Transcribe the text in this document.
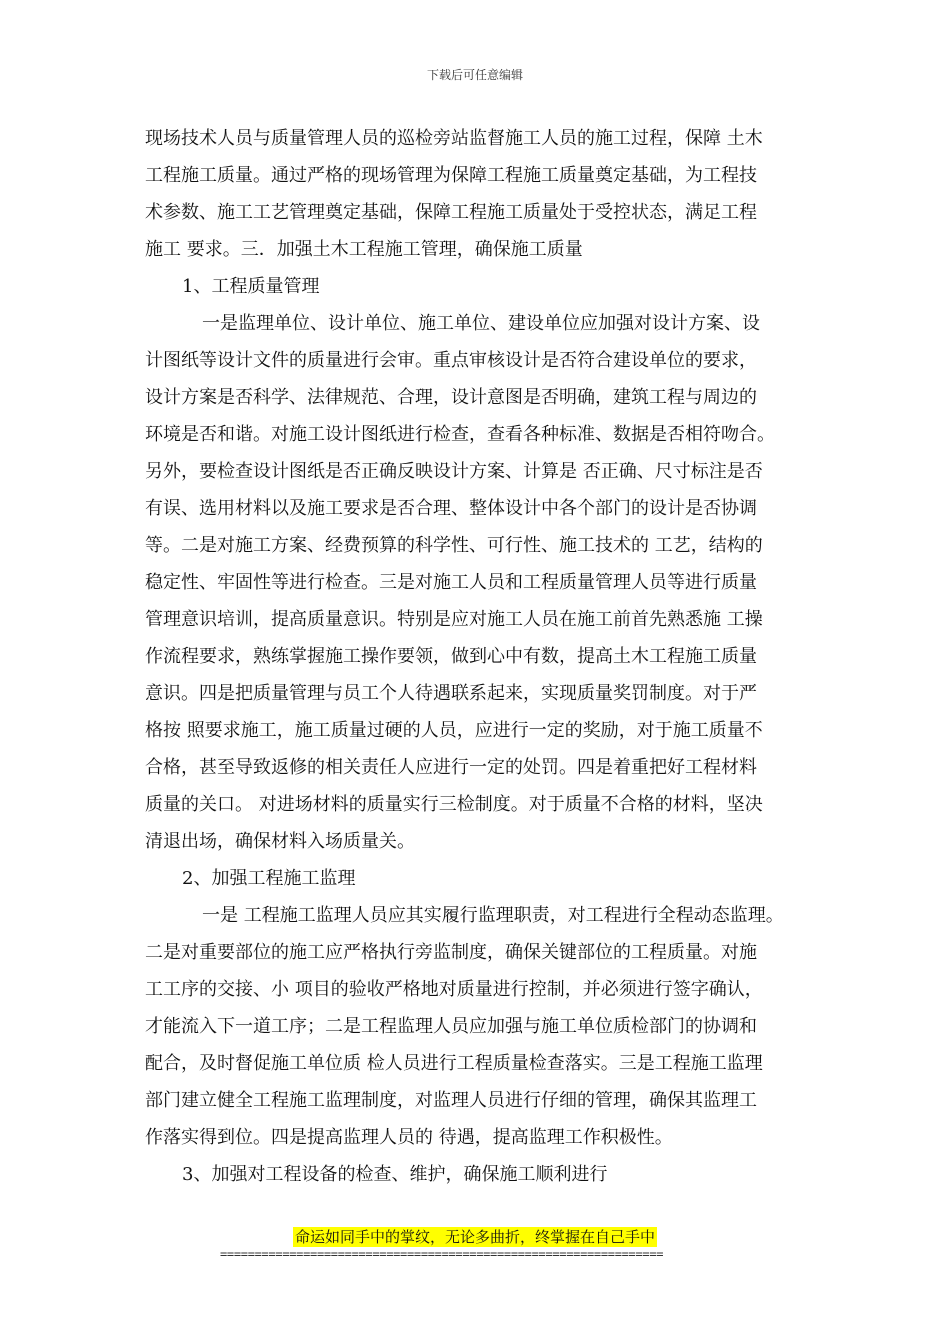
下载后可任意编辑
现场技术人员与质量管理人员的巡检旁站监督施工人员的施工过程，保障 土木
工程施工质量。通过严格的现场管理为保障工程施工质量奠定基础，为工程技
术参数、施工工艺管理奠定基础，保障工程施工质量处于受控状态，满足工程
施工 要求。三．加强土木工程施工管理，确保施工质量
1、工程质量管理
一是监理单位、设计单位、施工单位、建设单位应加强对设计方案、设
计图纸等设计文件的质量进行会审。重点审核设计是否符合建设单位的要求，
设计方案是否科学、法律规范、合理，设计意图是否明确，建筑工程与周边的
环境是否和谐。对施工设计图纸进行检查，查看各种标准、数据是否相符吻合。
另外，要检查设计图纸是否正确反映设计方案、计算是 否正确、尺寸标注是否
有误、选用材料以及施工要求是否合理、整体设计中各个部门的设计是否协调
等。二是对施工方案、经费预算的科学性、可行性、施工技术的 工艺，结构的
稳定性、牢固性等进行检查。三是对施工人员和工程质量管理人员等进行质量
管理意识培训，提高质量意识。特别是应对施工人员在施工前首先熟悉施 工操
作流程要求，熟练掌握施工操作要领，做到心中有数，提高土木工程施工质量
意识。四是把质量管理与员工个人待遇联系起来，实现质量奖罚制度。对于严
格按 照要求施工，施工质量过硬的人员，应进行一定的奖励，对于施工质量不
合格，甚至导致返修的相关责任人应进行一定的处罚。四是着重把好工程材料
质量的关口。 对进场材料的质量实行三检制度。对于质量不合格的材料，坚决
清退出场，确保材料入场质量关。
2、加强工程施工监理
一是 工程施工监理人员应其实履行监理职责，对工程进行全程动态监理。
二是对重要部位的施工应严格执行旁监制度，确保关键部位的工程质量。对施
工工序的交接、小 项目的验收严格地对质量进行控制，并必须进行签字确认，
才能流入下一道工序；二是工程监理人员应加强与施工单位质检部门的协调和
配合，及时督促施工单位质 检人员进行工程质量检查落实。三是工程施工监理
部门建立健全工程施工监理制度，对监理人员进行仔细的管理，确保其监理工
作落实得到位。四是提高监理人员的 待遇，提高监理工作积极性。
3、加强对工程设备的检查、维护，确保施工顺利进行
命运如同手中的掌纹，无论多曲折，终掌握在自己手中
================================================================
